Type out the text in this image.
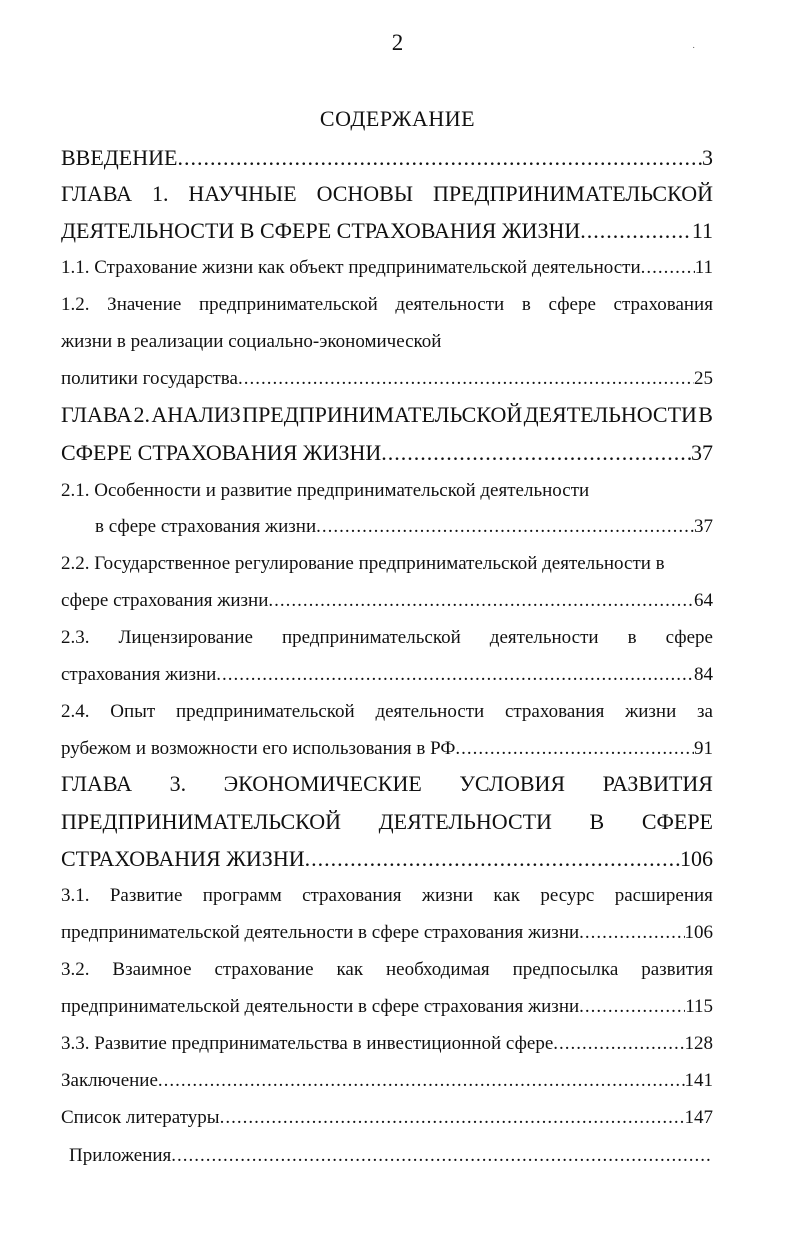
2	˙
СОДЕРЖАНИЕ
ВВЕДЕНИЕ .....	3
ГЛАВА 1. НАУЧНЫЕ ОСНОВЫ ПРЕДПРИНИМАТЕЛЬСКОЙ
ДЕЯТЕЛЬНОСТИ В СФЕРЕ СТРАХОВАНИЯ ЖИЗНИ .....	11
1.1. Страхование жизни как объект предпринимательской деятельности .....	11
1.2. Значение предпринимательской деятельности в сфере страхования
жизни в реализации социально-экономической
политики государства .....	25
ГЛАВА 2. АНАЛИЗ ПРЕДПРИНИМАТЕЛЬСКОЙ ДЕЯТЕЛЬНОСТИ В
СФЕРЕ СТРАХОВАНИЯ ЖИЗНИ .....	37
2.1. Особенности и развитие предпринимательской деятельности
в сфере страхования жизни .....	37
2.2. Государственное регулирование предпринимательской деятельности в
сфере страхования жизни .....	64
2.3. Лицензирование предпринимательской деятельности в сфере
страхования жизни .....	84
2.4. Опыт предпринимательской деятельности страхования жизни за
рубежом и возможности его использования в РФ .....	91
ГЛАВА 3. ЭКОНОМИЧЕСКИЕ УСЛОВИЯ РАЗВИТИЯ
ПРЕДПРИНИМАТЕЛЬСКОЙ ДЕЯТЕЛЬНОСТИ В СФЕРЕ
СТРАХОВАНИЯ ЖИЗНИ .....	106
3.1. Развитие программ страхования жизни как ресурс расширения
предпринимательской деятельности в сфере страхования жизни .....	106
3.2. Взаимное страхование как необходимая предпосылка развития
предпринимательской деятельности в сфере страхования жизни .....	115
3.3. Развитие предпринимательства в инвестиционной сфере .....	128
Заключение .....	141
Список литературы .....	147
Приложения
.....
